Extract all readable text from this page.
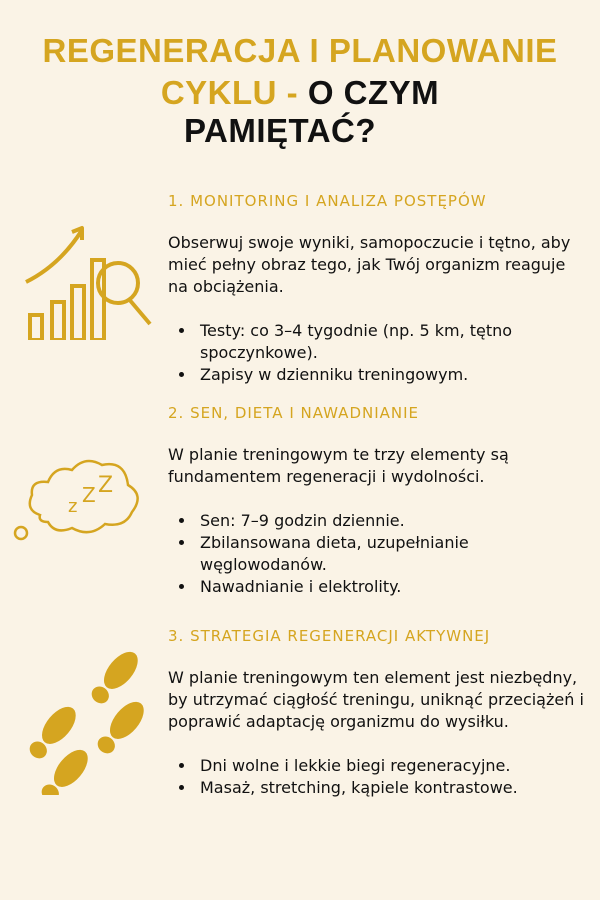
REGENERACJA I PLANOWANIE
CYKLU - O CZYM
PAMIĘTAĆ?
z Z Z
1. MONITORING I ANALIZA POSTĘPÓW

Obserwuj swoje wyniki, samopoczucie i tętno, aby mieć pełny obraz tego, jak Twój organizm reaguje na obciążenia.

• Testy: co 3–4 tygodnie (np. 5 km, tętno spoczynkowe).
• Zapisy w dzienniku treningowym.
2. SEN, DIETA I NAWADNIANIE

W planie treningowym te trzy elementy są fundamentem regeneracji i wydolności.

• Sen: 7–9 godzin dziennie.
• Zbilansowana dieta, uzupełnianie węglowodanów.
• Nawadnianie i elektrolity.
3. STRATEGIA REGENERACJI AKTYWNEJ

W planie treningowym ten element jest niezbędny, by utrzymać ciągłość treningu, uniknąć przeciążeń i poprawić adaptację organizmu do wysiłku.

• Dni wolne i lekkie biegi regeneracyjne.
• Masaż, stretching, kąpiele kontrastowe.
